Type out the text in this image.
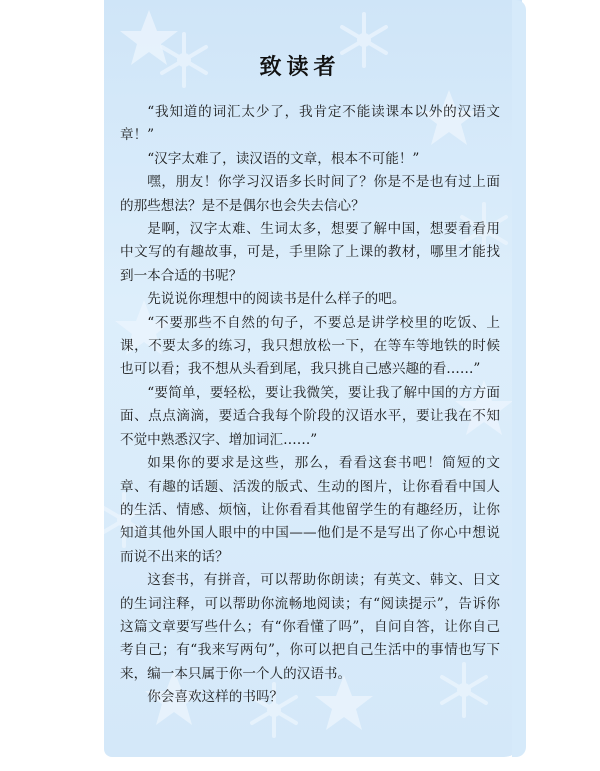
致读者

“我知道的词汇太少了，我肯定不能读课本以外的汉语文章！”

“汉字太难了，读汉语的文章，根本不可能！”

嘿，朋友！你学习汉语多长时间了？你是不是也有过上面的那些想法？是不是偶尔也会失去信心？

是啊，汉字太难、生词太多，想要了解中国，想要看看用中文写的有趣故事，可是，手里除了上课的教材，哪里才能找到一本合适的书呢？

先说说你理想中的阅读书是什么样子的吧。

“不要那些不自然的句子，不要总是讲学校里的吃饭、上课，不要太多的练习，我只想放松一下，在等车等地铁的时候也可以看；我不想从头看到尾，我只挑自己感兴趣的看……”

“要简单，要轻松，要让我微笑，要让我了解中国的方方面面、点点滴滴，要适合我每个阶段的汉语水平，要让我在不知不觉中熟悉汉字、增加词汇……”

如果你的要求是这些，那么，看看这套书吧！简短的文章、有趣的话题、活泼的版式、生动的图片，让你看看中国人的生活、情感、烦恼，让你看看其他留学生的有趣经历，让你知道其他外国人眼中的中国——他们是不是写出了你心中想说而说不出来的话？

这套书，有拼音，可以帮助你朗读；有英文、韩文、日文的生词注释，可以帮助你流畅地阅读；有“阅读提示”，告诉你这篇文章要写些什么；有“你看懂了吗”，自问自答，让你自己考自己；有“我来写两句”，你可以把自己生活中的事情也写下来，编一本只属于你一个人的汉语书。

你会喜欢这样的书吗？
